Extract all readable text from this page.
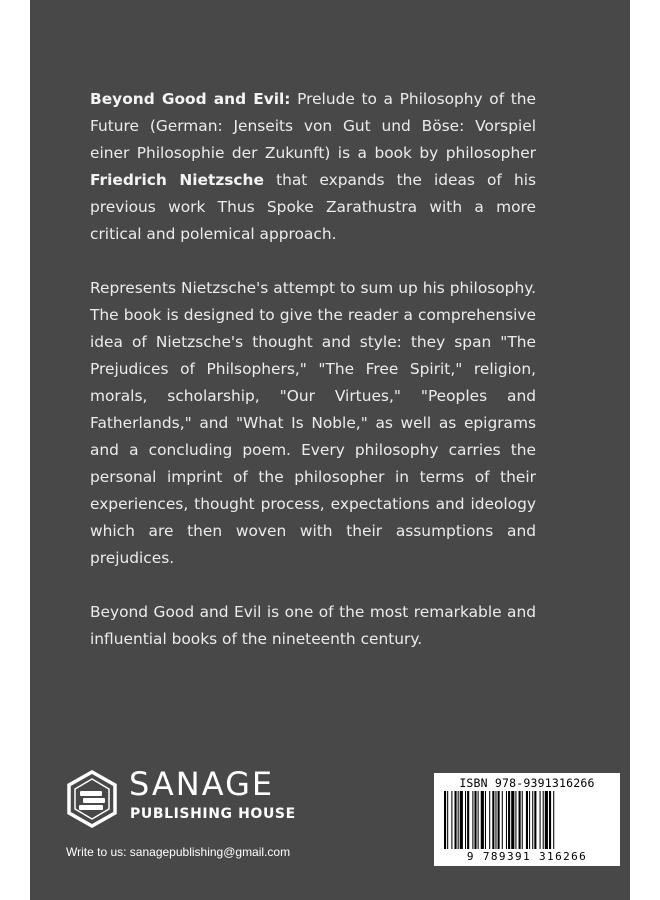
Beyond Good and Evil: Prelude to a Philosophy of the Future (German: Jenseits von Gut und Böse: Vorspiel einer Philosophie der Zukunft) is a book by philosopher Friedrich Nietzsche that expands the ideas of his previous work Thus Spoke Zarathustra with a more critical and polemical approach.

Represents Nietzsche's attempt to sum up his philosophy. The book is designed to give the reader a comprehensive idea of Nietzsche's thought and style: they span "The Prejudices of Philsophers," "The Free Spirit," religion, morals, scholarship, "Our Virtues," "Peoples and Fatherlands," and "What Is Noble," as well as epigrams and a concluding poem. Every philosophy carries the personal imprint of the philosopher in terms of their experiences, thought process, expectations and ideology which are then woven with their assumptions and prejudices.

Beyond Good and Evil is one of the most remarkable and influential books of the nineteenth century.

SANAGE
PUBLISHING HOUSE
Write to us: sanagepublishing@gmail.com
ISBN 978-9391316266
9 789391 316266
